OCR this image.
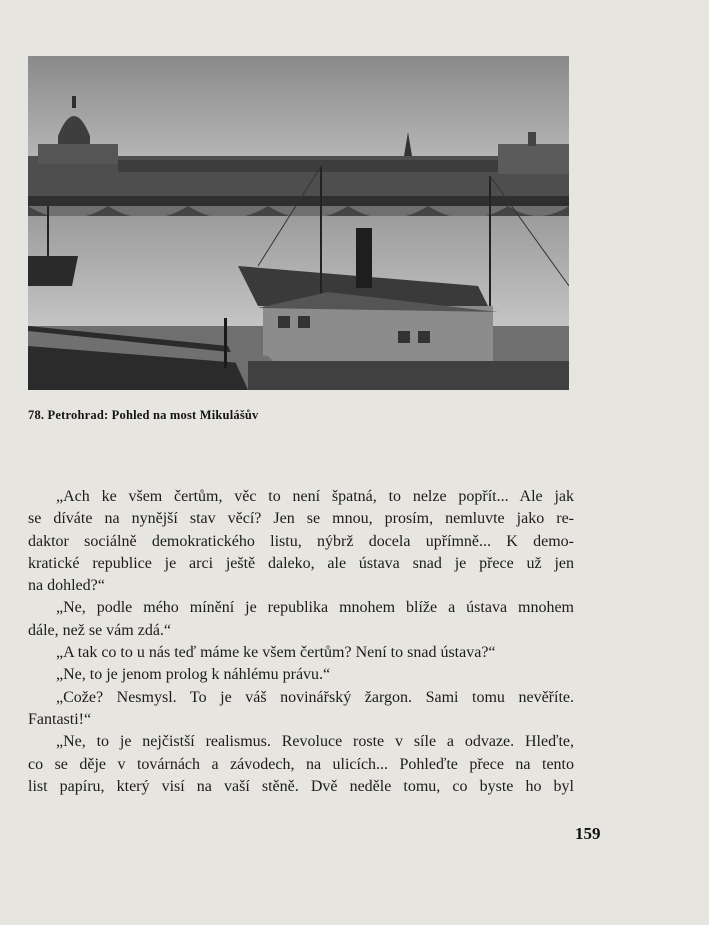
78. Petrohrad: Pohled na most Mikulášův
„Ach ke všem čertům, věc to není špatná, to nelze popřít... Ale jak
se díváte na nynější stav věcí? Jen se mnou, prosím, nemluvte jako re-
daktor sociálně demokratického listu, nýbrž docela upřímně... K demo-
kratické republice je arci ještě daleko, ale ústava snad je přece už jen
na dohled?“
„Ne, podle mého mínění je republika mnohem blíže a ústava mnohem
dále, než se vám zdá.“
„A tak co to u nás teď máme ke všem čertům? Není to snad ústava?“
„Ne, to je jenom prolog k náhlému právu.“
„Cože? Nesmysl. To je váš novinářský žargon. Sami tomu nevěříte.
Fantasti!“
„Ne, to je nejčistší realismus. Revoluce roste v síle a odvaze. Hleďte,
co se děje v továrnách a závodech, na ulicích... Pohleďte přece na tento
list papíru, který visí na vaší stěně. Dvě neděle tomu, co byste ho byl
159
